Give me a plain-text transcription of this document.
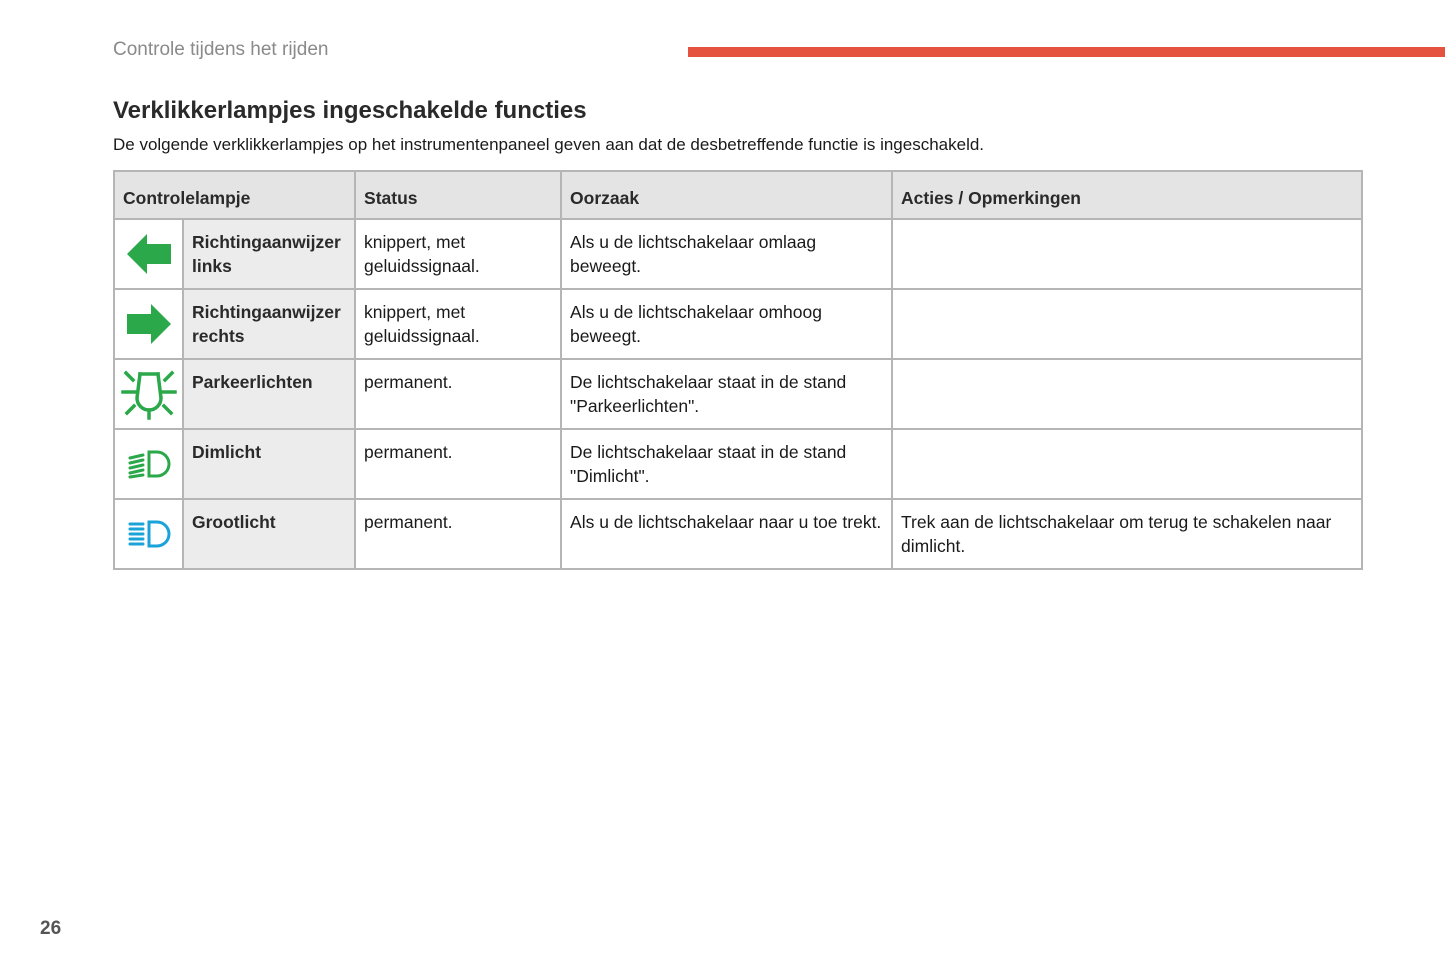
Controle tijdens het rijden
Verklikkerlampjes ingeschakelde functies

De volgende verklikkerlampjes op het instrumentenpaneel geven aan dat de desbetreffende functie is ingeschakeld.

Controlelampje		Status	Oorzaak	Acties / Opmerkingen

	Richtingaanwijzer links	knippert, met geluidssignaal.	Als u de lichtschakelaar omlaag beweegt.	

	Richtingaanwijzer rechts	knippert, met geluidssignaal.	Als u de lichtschakelaar omhoog beweegt.	

	Parkeerlichten	permanent.	De lichtschakelaar staat in de stand "Parkeerlichten".	

	Dimlicht	permanent.	De lichtschakelaar staat in de stand "Dimlicht".	

	Grootlicht	permanent.	Als u de lichtschakelaar naar u toe trekt.	Trek aan de lichtschakelaar om terug te schakelen naar dimlicht.
26
